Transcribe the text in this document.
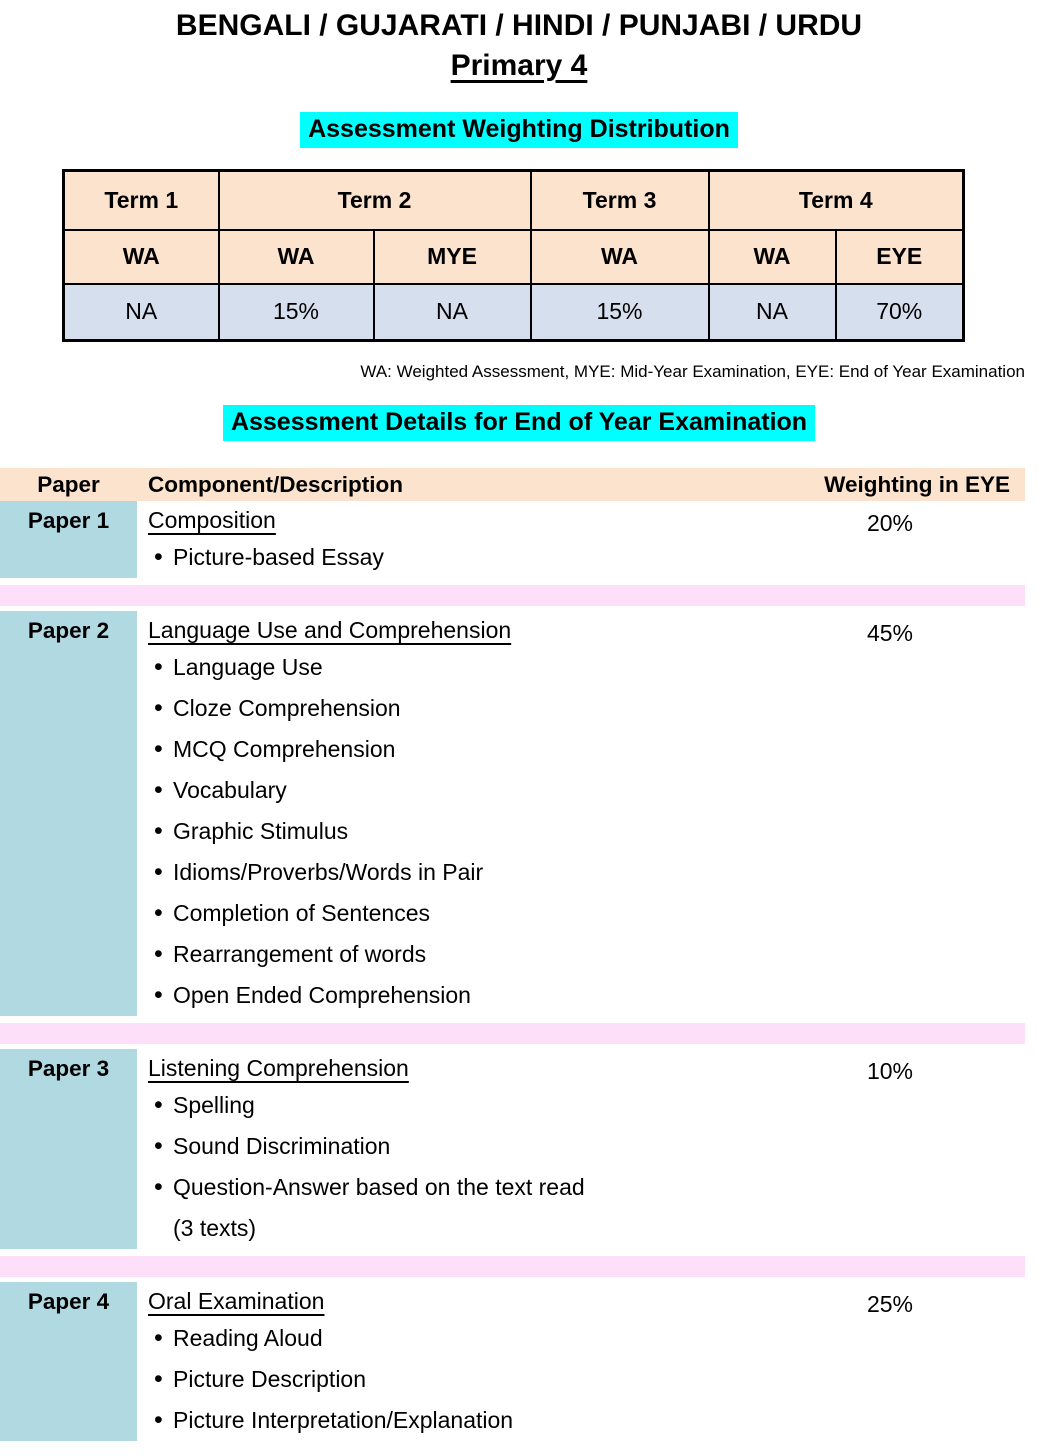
BENGALI / GUJARATI / HINDI / PUNJABI / URDU
Primary 4
Assessment Weighting Distribution
Term 1	Term 2		Term 3	Term 4	
WA	WA	MYE	WA	WA	EYE
NA	15%	NA	15%	NA	70%
WA: Weighted Assessment, MYE: Mid-Year Examination, EYE: End of Year Examination
Assessment Details for End of Year Examination
Paper	Component/Description	Weighting in EYE
Paper 1	Composition
• Picture-based Essay
20%
Paper 2	Language Use and Comprehension
• Language Use
• Cloze Comprehension
• MCQ Comprehension
• Vocabulary
• Graphic Stimulus
• Idioms/Proverbs/Words in Pair
• Completion of Sentences
• Rearrangement of words
• Open Ended Comprehension
45%
Paper 3	Listening Comprehension
• Spelling
• Sound Discrimination
• Question-Answer based on the text read
(3 texts)
10%
Paper 4	Oral Examination
• Reading Aloud
• Picture Description
• Picture Interpretation/Explanation
25%
